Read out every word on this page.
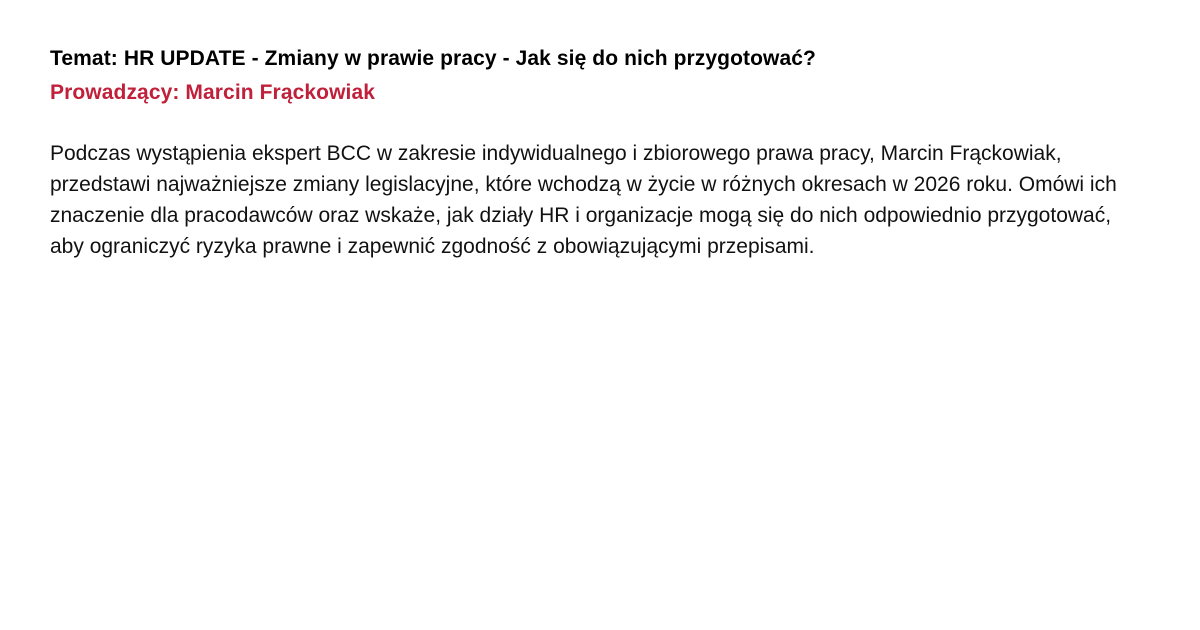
Temat: HR UPDATE - Zmiany w prawie pracy - Jak się do nich przygotować?
Prowadzący: Marcin Frąckowiak

Podczas wystąpienia ekspert BCC w zakresie indywidualnego i zbiorowego prawa pracy, Marcin Frąckowiak, przedstawi najważniejsze zmiany legislacyjne, które wchodzą w życie w różnych okresach w 2026 roku. Omówi ich znaczenie dla pracodawców oraz wskaże, jak działy HR i organizacje mogą się do nich odpowiednio przygotować, aby ograniczyć ryzyka prawne i zapewnić zgodność z obowiązującymi przepisami.
